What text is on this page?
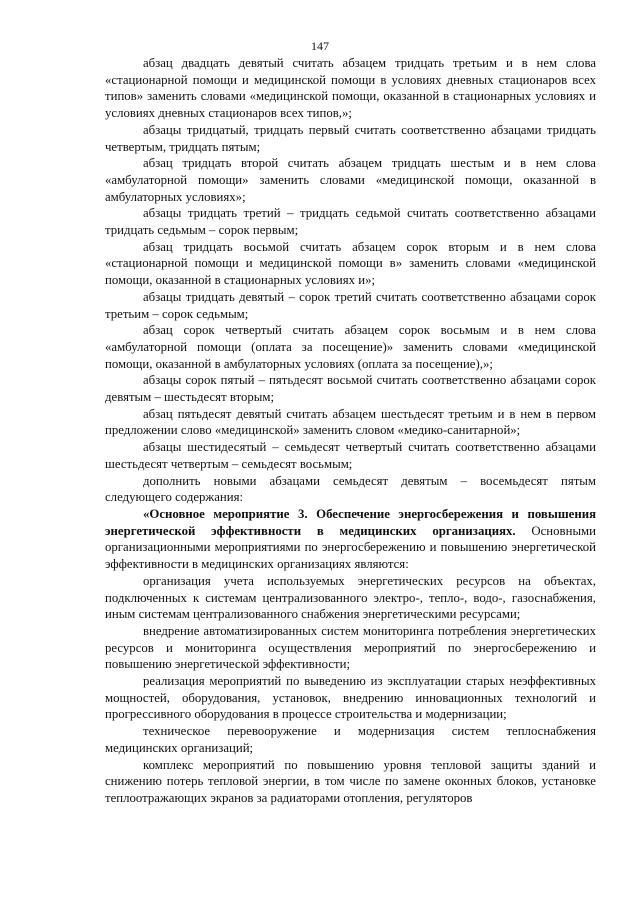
147

абзац двадцать девятый считать абзацем тридцать третьим и в нем слова «стационарной помощи и медицинской помощи в условиях дневных стационаров всех типов» заменить словами «медицинской помощи, оказанной в стационарных условиях и условиях дневных стационаров всех типов,»;

абзацы тридцатый, тридцать первый считать соответственно абзацами тридцать четвертым, тридцать пятым;

абзац тридцать второй считать абзацем тридцать шестым и в нем слова «амбулаторной помощи» заменить словами «медицинской помощи, оказанной в амбулаторных условиях»;

абзацы тридцать третий – тридцать седьмой считать соответственно абзацами тридцать седьмым – сорок первым;

абзац тридцать восьмой считать абзацем сорок вторым и в нем слова «стационарной помощи и медицинской помощи в» заменить словами «медицинской помощи, оказанной в стационарных условиях и»;

абзацы тридцать девятый – сорок третий считать соответственно абзацами сорок третьим – сорок седьмым;

абзац сорок четвертый считать абзацем сорок восьмым и в нем слова «амбулаторной помощи (оплата за посещение)» заменить словами «медицинской помощи, оказанной в амбулаторных условиях (оплата за посещение),»;

абзацы сорок пятый – пятьдесят восьмой считать соответственно абзацами сорок девятым – шестьдесят вторым;

абзац пятьдесят девятый считать абзацем шестьдесят третьим и в нем в первом предложении слово «медицинской» заменить словом «медико-санитарной»;

абзацы шестидесятый – семьдесят четвертый считать соответственно абзацами шестьдесят четвертым – семьдесят восьмым;

дополнить новыми абзацами семьдесят девятым – восемьдесят пятым следующего содержания:

«Основное мероприятие 3. Обеспечение энергосбережения и повышения энергетической эффективности в медицинских организациях. Основными организационными мероприятиями по энергосбережению и повышению энергетической эффективности в медицинских организациях являются:

организация учета используемых энергетических ресурсов на объектах, подключенных к системам централизованного электро-, тепло-, водо-, газоснабжения, иным системам централизованного снабжения энергетическими ресурсами;

внедрение автоматизированных систем мониторинга потребления энергетических ресурсов и мониторинга осуществления мероприятий по энергосбережению и повышению энергетической эффективности;

реализация мероприятий по выведению из эксплуатации старых неэффективных мощностей, оборудования, установок, внедрению инновационных технологий и прогрессивного оборудования в процессе строительства и модернизации;

техническое перевооружение и модернизация систем теплоснабжения медицинских организаций;

комплекс мероприятий по повышению уровня тепловой защиты зданий и снижению потерь тепловой энергии, в том числе по замене оконных блоков, установке теплоотражающих экранов за радиаторами отопления, регуляторов
